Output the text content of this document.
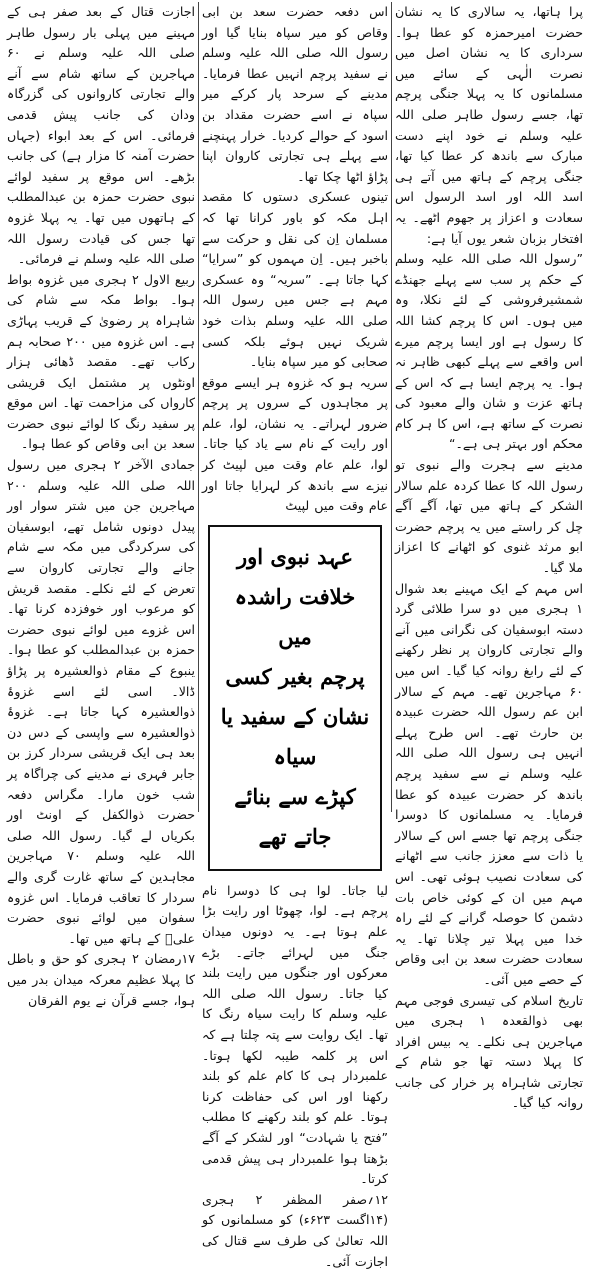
پرا ہاتھا، یہ سالاری کا یہ نشان حضرت امیرحمزہ کو عطا ہوا۔ سرداری کا یہ نشان اصل میں نصرت الٰہی کے سائے میں مسلمانوں کا یہ پہلا جنگی پرچم تھا، جسے رسول طاہر صلی اللہ علیہ وسلم نے خود اپنے دست مبارک سے باندھ کر عطا کیا تھا، جنگی پرچم کے ہاتھ میں آتے ہی اسد اللہ اور اسد الرسول اس سعادت و اعزاز پر جھوم اٹھے۔ یہ افتخار بزبان شعر یوں آیا ہے:

”رسول اللہ صلی اللہ علیہ وسلم کے حکم پر سب سے پہلے جھنڈے شمشیرفروشی کے لئے نکلا، وہ میں ہوں۔ اس کا پرچم کشا اللہ کا رسول ہے اور ایسا پرچم میرے اس واقعے سے پہلے کبھی ظاہر نہ ہوا۔ یہ پرچم ایسا ہے کہ اس کے ہاتھ عزت و شان والے معبود کی نصرت کے ساتھ ہے، اس کا ہر کام محکم اور بہتر ہی ہے۔“

مدینے سے ہجرت والے نبوی تو رسول اللہ کا عطا کردہ علم سالار الشکر کے ہاتھ میں تھا، آگے آگے چل کر راستے میں یہ پرچم حضرت ابو مرثد غنوی کو اٹھانے کا اعزاز ملا گیا۔

اس مہم کے ایک مہینے بعد شوال ۱ ہجری میں دو سرا طلائی گرد دستہ ابوسفیان کی نگرانی میں آنے والے تجارتی کاروان پر نظر رکھنے کے لئے رابغ روانہ کیا گیا۔ اس میں ۶۰ مہاجرین تھے۔ مہم کے سالار ابن عم رسول اللہ حضرت عبیدہ بن حارث تھے۔ اس طرح پہلے انہیں ہی رسول اللہ صلی اللہ علیہ وسلم نے سے سفید پرچم باندھ کر حضرت عبیدہ کو عطا فرمایا۔ یہ مسلمانوں کا دوسرا جنگی پرچم تھا جسے اس کے سالار یا ذات سے معزز جانب سے اٹھانے کی سعادت نصیب ہوئی تھی۔ اس مہم میں ان کے کوئی خاص بات دشمن کا حوصلہ گرانے کے لئے راہ خدا میں پہلا تیر چلانا تھا۔ یہ سعادت حضرت سعد بن ابی وقاص کے حصے میں آئی۔

تاریخ اسلام کی تیسری فوجی مہم بھی ذوالقعدہ ۱ ہجری میں مہاجرین ہی نکلے۔ یہ بیس افراد کا پہلا دستہ تھا جو شام کے تجارتی شاہراہ پر خرار کی جانب روانہ کیا گیا۔

اس دفعہ حضرت سعد بن ابی وقاص کو میر سپاہ بنایا گیا اور رسول اللہ صلی اللہ علیہ وسلم نے سفید پرچم انہیں عطا فرمایا۔ مدینے کے سرحد پار کرکے میر سپاہ نے اسے حضرت مقداد بن اسود کے حوالے کردیا۔ خرار پہنچنے سے پہلے ہی تجارتی کاروان اپنا پڑاؤ اٹھا چکا تھا۔

تینوں عسکری دستوں کا مقصد اہل مکہ کو باور کرانا تھا کہ مسلمان اِن کی نقل و حرکت سے باخبر ہیں۔ اِن مہموں کو ”سرایا“ کہا جاتا ہے۔ ”سریہ“ وہ عسکری مہم ہے جس میں رسول اللہ صلی اللہ علیہ وسلم بذات خود شریک نہیں ہوئے بلکہ کسی صحابی کو میر سپاہ بنایا۔

سریہ ہو کہ غزوہ ہر ایسے موقع پر مجاہدوں کے سروں پر پرچم ضرور لہراتے۔ یہ نشان، لوا، علم اور رایت کے نام سے یاد کیا جاتا۔ لوا، علم عام وقت میں لپیٹ کر نیزے سے باندھ کر لہرایا جاتا اور عام وقت میں لپیٹ

عہد نبوی اور خلافت راشدہ میں
پرچم بغیر کسی نشان کے سفید یا سیاہ
کپڑے سے بنائے جاتے تھے

لیا جاتا۔ لوا ہی کا دوسرا نام پرچم ہے۔ لوا، چھوٹا اور رایت بڑا علم ہوتا ہے۔ یہ دونوں میدان جنگ میں لہرائے جاتے۔ بڑے معرکوں اور جنگوں میں رایت بلند کیا جاتا۔ رسول اللہ صلی اللہ علیہ وسلم کا رایت سیاہ رنگ کا تھا۔ ایک روایت سے پتہ چلتا ہے کہ اس پر کلمہ طیبہ لکھا ہوتا۔ علمبردار ہی کا کام علم کو بلند رکھنا اور اس کی حفاظت کرنا ہوتا۔ علم کو بلند رکھنے کا مطلب ”فتح یا شہادت“ اور لشکر کے آگے بڑھتا ہوا علمبردار ہی پیش قدمی کرتا۔

۱۲؍صفر المظفر ۲ ہجری (۱۴اگست ۶۲۳ء) کو مسلمانوں کو اللہ تعالیٰ کی طرف سے قتال کی اجازت آئی۔

اجازت قتال کے بعد صفر ہی کے مہینے میں پہلی بار رسول طاہر صلی اللہ علیہ وسلم نے ۶۰ مہاجرین کے ساتھ شام سے آنے والے تجارتی کاروانوں کی گزرگاہ ودان کی جانب پیش قدمی فرمائی۔ اس کے بعد ابواء (جہاں حضرت آمنہ کا مزار ہے) کی جانب بڑھے۔ اس موقع پر سفید لوائے نبوی حضرت حمزہ بن عبدالمطلب کے ہاتھوں میں تھا۔ یہ پہلا غزوہ تھا جس کی قیادت رسول اللہ صلی اللہ علیہ وسلم نے فرمائی۔

ربیع الاول ۲ ہجری میں غزوہ بواط ہوا۔ بواط مکہ سے شام کی شاہراہ پر رضویٰ کے قریب پہاڑی ہے۔ اس غزوہ میں ۲۰۰ صحابہ ہم رکاب تھے۔ مقصد ڈھائی ہزار اونٹوں پر مشتمل ایک قریشی کارواں کی مزاحمت تھا۔ اس موقع پر سفید رنگ کا لوائے نبوی حضرت سعد بن ابی وقاص کو عطا ہوا۔

جمادی الآخر ۲ ہجری میں رسول اللہ صلی اللہ علیہ وسلم ۲۰۰ مہاجرین جن میں شتر سوار اور پیدل دونوں شامل تھے، ابوسفیان کی سرکردگی میں مکہ سے شام جانے والے تجارتی کاروان سے تعرض کے لئے نکلے۔ مقصد قریش کو مرعوب اور خوفزدہ کرنا تھا۔ اس غزوے میں لوائے نبوی حضرت حمزہ بن عبدالمطلب کو عطا ہوا۔ ینبوع کے مقام ذوالعشیرہ پر پڑاؤ ڈالا۔ اسی لئے اسے غزوۂ ذوالعشیرہ کہا جاتا ہے۔ غزوۂ ذوالعشیرہ سے واپسی کے دس دن بعد ہی ایک قریشی سردار کرز بن جابر فہری نے مدینے کی چراگاہ پر شب خون مارا۔ مگراس دفعہ حضرت ذوالکفل کے اونٹ اور بکریاں لے گیا۔ رسول اللہ صلی اللہ علیہ وسلم ۷۰ مہاجرین مجاہدین کے ساتھ غارت گری والے سردار کا تعاقب فرمایا۔ اس غزوہ سفوان میں لوائے نبوی حضرت علیؓ کے ہاتھ میں تھا۔

۱۷رمضان ۲ ہجری کو حق و باطل کا پہلا عظیم معرکہ میدان بدر میں ہوا، جسے قرآن نے یوم الفرقان
